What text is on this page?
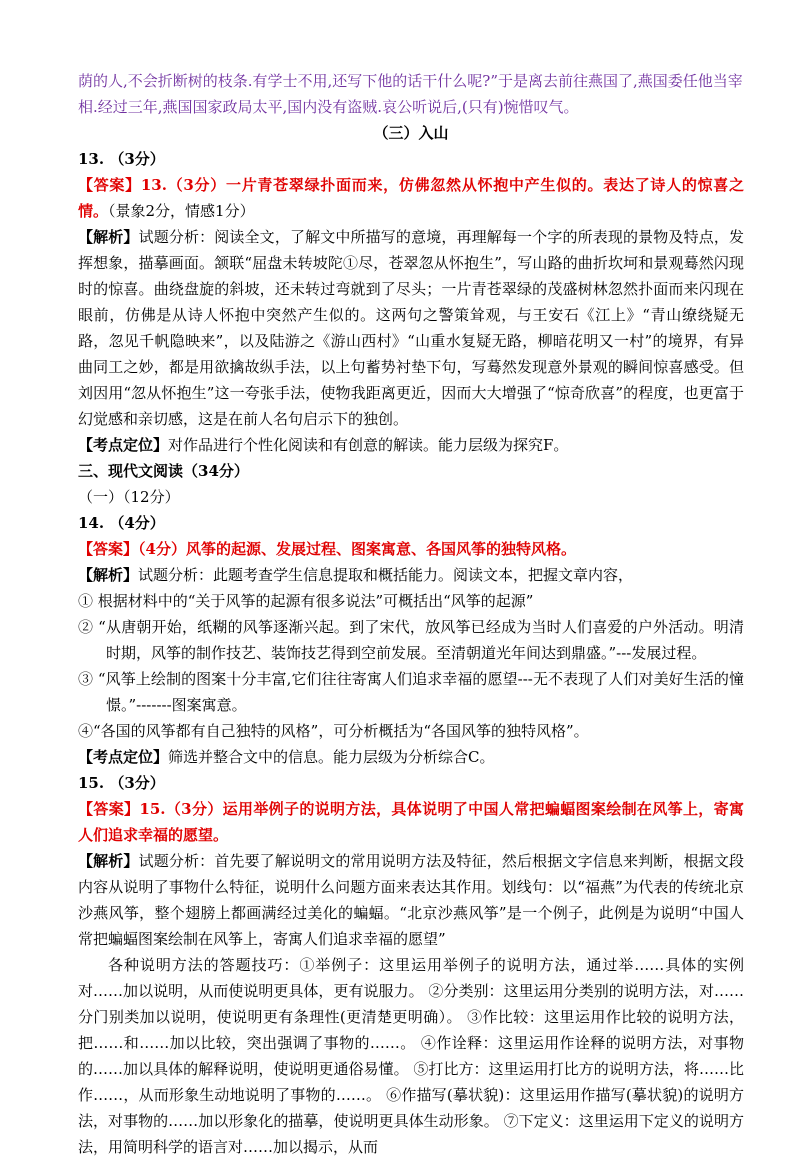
荫的人,不会折断树的枝条.有学士不用,还写下他的话干什么呢?”于是离去前往燕国了,燕国委任他当宰

相.经过三年,燕国国家政局太平,国内没有盗贼.哀公听说后,(只有)惋惜叹气。

（三）入山

13. （3分）

【答案】13.（3分）一片青苍翠绿扑面而来，仿佛忽然从怀抱中产生似的。表达了诗人的惊喜之情。（景象2分，情感1分）

【解析】试题分析：阅读全文，了解文中所描写的意境，再理解每一个字的所表现的景物及特点，发挥想象，描摹画面。颔联“屈盘未转坡陀①尽，苍翠忽从怀抱生”，写山路的曲折坎坷和景观蓦然闪现时的惊喜。曲绕盘旋的斜坡，还未转过弯就到了尽头；一片青苍翠绿的茂盛树林忽然扑面而来闪现在眼前，仿佛是从诗人怀抱中突然产生似的。这两句之警策耸观，与王安石《江上》“青山缭绕疑无路，忽见千帆隐映来”，以及陆游之《游山西村》“山重水复疑无路，柳暗花明又一村”的境界，有异曲同工之妙，都是用欲擒故纵手法，以上句蓄势衬垫下句，写蓦然发现意外景观的瞬间惊喜感受。但刘因用“忽从怀抱生”这一夸张手法，使物我距离更近，因而大大增强了“惊奇欣喜”的程度，也更富于幻觉感和亲切感，这是在前人名句启示下的独创。

【考点定位】对作品进行个性化阅读和有创意的解读。能力层级为探究F。

三、现代文阅读（34分）

（一）（12分）

14. （4分）

【答案】（4分）风筝的起源、发展过程、图案寓意、各国风筝的独特风格。

【解析】试题分析：此题考查学生信息提取和概括能力。阅读文本，把握文章内容，

① 根据材料中的“关于风筝的起源有很多说法”可概括出“风筝的起源”

② “从唐朝开始，纸糊的风筝逐渐兴起。到了宋代，放风筝已经成为当时人们喜爱的户外活动。明清时期，风筝的制作技艺、装饰技艺得到空前发展。至清朝道光年间达到鼎盛。”---发展过程。

③ “风筝上绘制的图案十分丰富,它们往往寄寓人们追求幸福的愿望---无不表现了人们对美好生活的憧憬。”-------图案寓意。

④“各国的风筝都有自己独特的风格”，可分析概括为“各国风筝的独特风格”。

【考点定位】筛选并整合文中的信息。能力层级为分析综合C。

15. （3分）

【答案】15.（3分）运用举例子的说明方法，具体说明了中国人常把蝙蝠图案绘制在风筝上，寄寓人们追求幸福的愿望。

【解析】试题分析：首先要了解说明文的常用说明方法及特征，然后根据文字信息来判断，根据文段内容从说明了事物什么特征，说明什么问题方面来表达其作用。划线句：以“福燕”为代表的传统北京沙燕风筝，整个翅膀上都画满经过美化的蝙蝠。“北京沙燕风筝”是一个例子，此例是为说明“中国人常把蝙蝠图案绘制在风筝上，寄寓人们追求幸福的愿望”

各种说明方法的答题技巧：①举例子：这里运用举例子的说明方法，通过举……具体的实例对……加以说明，从而使说明更具体，更有说服力。 ②分类别：这里运用分类别的说明方法，对……分门别类加以说明，使说明更有条理性(更清楚更明确）。 ③作比较：这里运用作比较的说明方法，把……和……加以比较，突出强调了事物的……。 ④作诠释：这里运用作诠释的说明方法，对事物的……加以具体的解释说明，使说明更通俗易懂。 ⑤打比方：这里运用打比方的说明方法，将……比作……，从而形象生动地说明了事物的……。 ⑥作描写(摹状貌)：这里运用作描写(摹状貌)的说明方法，对事物的……加以形象化的描摹，使说明更具体生动形象。 ⑦下定义：这里运用下定义的说明方法，用简明科学的语言对……加以揭示，从而
